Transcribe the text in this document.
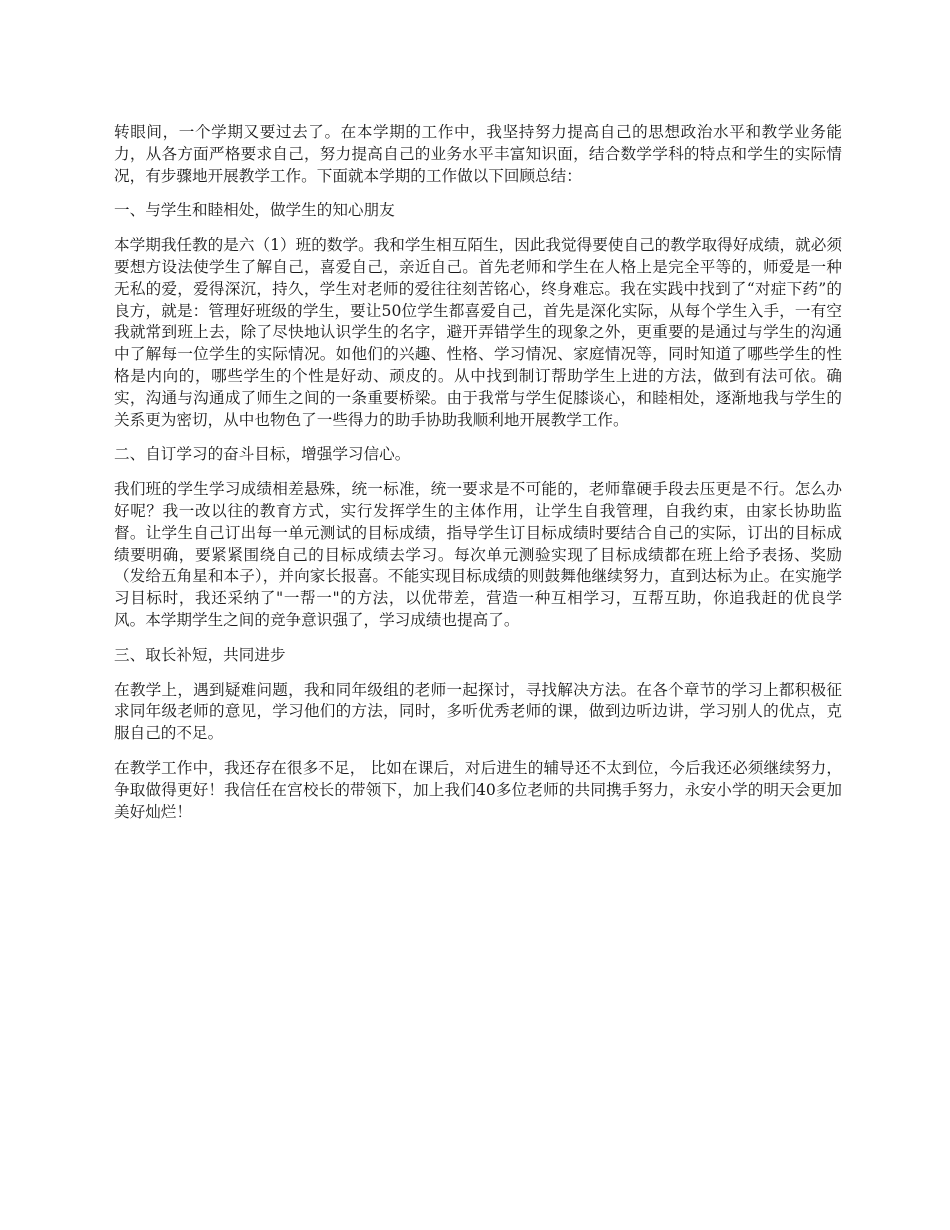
转眼间，一个学期又要过去了。在本学期的工作中，我坚持努力提高自己的思想政治水平和教学业务能力，从各方面严格要求自己，努力提高自己的业务水平丰富知识面，结合数学学科的特点和学生的实际情况，有步骤地开展教学工作。下面就本学期的工作做以下回顾总结：

一、与学生和睦相处，做学生的知心朋友

本学期我任教的是六（1）班的数学。我和学生相互陌生，因此我觉得要使自己的教学取得好成绩，就必须要想方设法使学生了解自己，喜爱自己，亲近自己。首先老师和学生在人格上是完全平等的，师爱是一种无私的爱，爱得深沉，持久，学生对老师的爱往往刻苦铭心，终身难忘。我在实践中找到了“对症下药”的良方，就是：管理好班级的学生，要让50位学生都喜爱自己，首先是深化实际，从每个学生入手，一有空我就常到班上去，除了尽快地认识学生的名字，避开弄错学生的现象之外，更重要的是通过与学生的沟通中了解每一位学生的实际情况。如他们的兴趣、性格、学习情况、家庭情况等，同时知道了哪些学生的性格是内向的，哪些学生的个性是好动、顽皮的。从中找到制订帮助学生上进的方法，做到有法可依。确实，沟通与沟通成了师生之间的一条重要桥梁。由于我常与学生促膝谈心，和睦相处，逐渐地我与学生的关系更为密切，从中也物色了一些得力的助手协助我顺利地开展教学工作。

二、自订学习的奋斗目标，增强学习信心。

我们班的学生学习成绩相差悬殊，统一标准，统一要求是不可能的，老师靠硬手段去压更是不行。怎么办好呢？我一改以往的教育方式，实行发挥学生的主体作用，让学生自我管理，自我约束，由家长协助监督。让学生自己订出每一单元测试的目标成绩，指导学生订目标成绩时要结合自己的实际，订出的目标成绩要明确，要紧紧围绕自己的目标成绩去学习。每次单元测验实现了目标成绩都在班上给予表扬、奖励（发给五角星和本子），并向家长报喜。不能实现目标成绩的则鼓舞他继续努力，直到达标为止。在实施学习目标时，我还采纳了"一帮一"的方法，以优带差，营造一种互相学习，互帮互助，你追我赶的优良学风。本学期学生之间的竞争意识强了，学习成绩也提高了。

三、取长补短，共同进步

在教学上，遇到疑难问题，我和同年级组的老师一起探讨，寻找解决方法。在各个章节的学习上都积极征求同年级老师的意见，学习他们的方法，同时，多听优秀老师的课，做到边听边讲，学习别人的优点，克服自己的不足。

在教学工作中，我还存在很多不足， 比如在课后，对后进生的辅导还不太到位，今后我还必须继续努力，争取做得更好！我信任在宫校长的带领下，加上我们40多位老师的共同携手努力，永安小学的明天会更加美好灿烂！
